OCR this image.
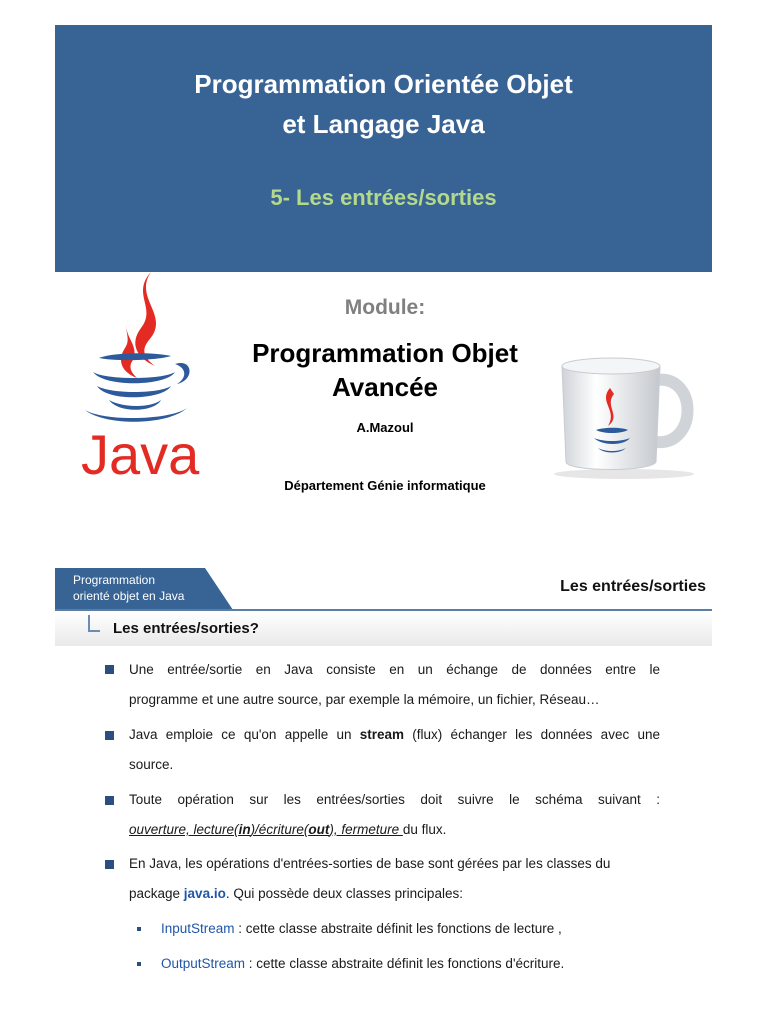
Programmation Orientée Objet
et Langage Java
5- Les entrées/sorties
Java
Module:
Programmation Objet
Avancée
A.Mazoul
Département Génie informatique
Programmation
orienté objet en Java
Les entrées/sorties
Les entrées/sorties?
Une entrée/sortie en Java consiste en un échange de données entre le
programme et une autre source, par exemple la mémoire, un fichier, Réseau…
Java emploie ce qu'on appelle un stream (flux) échanger les données avec une
source.
Toute opération sur les entrées/sorties doit suivre le schéma suivant :
ouverture, lecture(in)/écriture(out), fermeture du flux.
En Java, les opérations d'entrées-sorties de base sont gérées par les classes du
package java.io. Qui possède deux classes principales:
InputStream : cette classe abstraite définit les fonctions de lecture ,
OutputStream : cette classe abstraite définit les fonctions d'écriture.
